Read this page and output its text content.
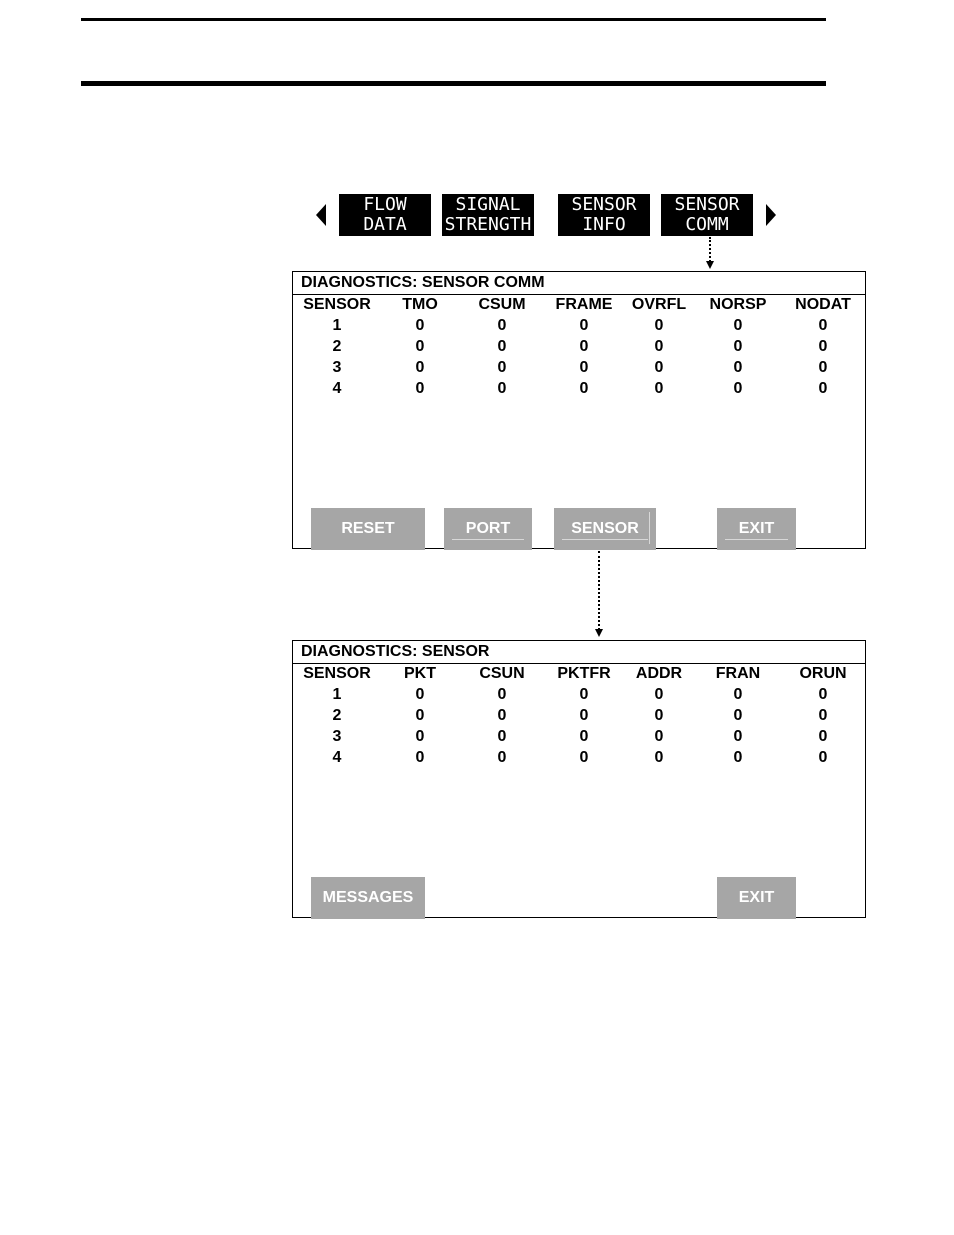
FLOW
DATA
SIGNAL
STRENGTH
SENSOR
INFO
SENSOR
COMM
DIAGNOSTICS: SENSOR COMM
SENSOR TMO	CSUM FRAME OVRFL NORSP NODAT
1	0	0	0	0	0	0
2	0	0	0	0	0	0
3	0	0	0	0	0	0
4	0	0	0	0	0	0
RESET	PORT	SENSOR	EXIT
DIAGNOSTICS: SENSOR
SENSOR PKT	CSUN PKTFR ADDR FRAN ORUN
1	0	0	0	0	0	0
2	0	0	0	0	0	0
3	0	0	0	0	0	0
4	0	0	0	0	0	0
MESSAGES	EXIT
